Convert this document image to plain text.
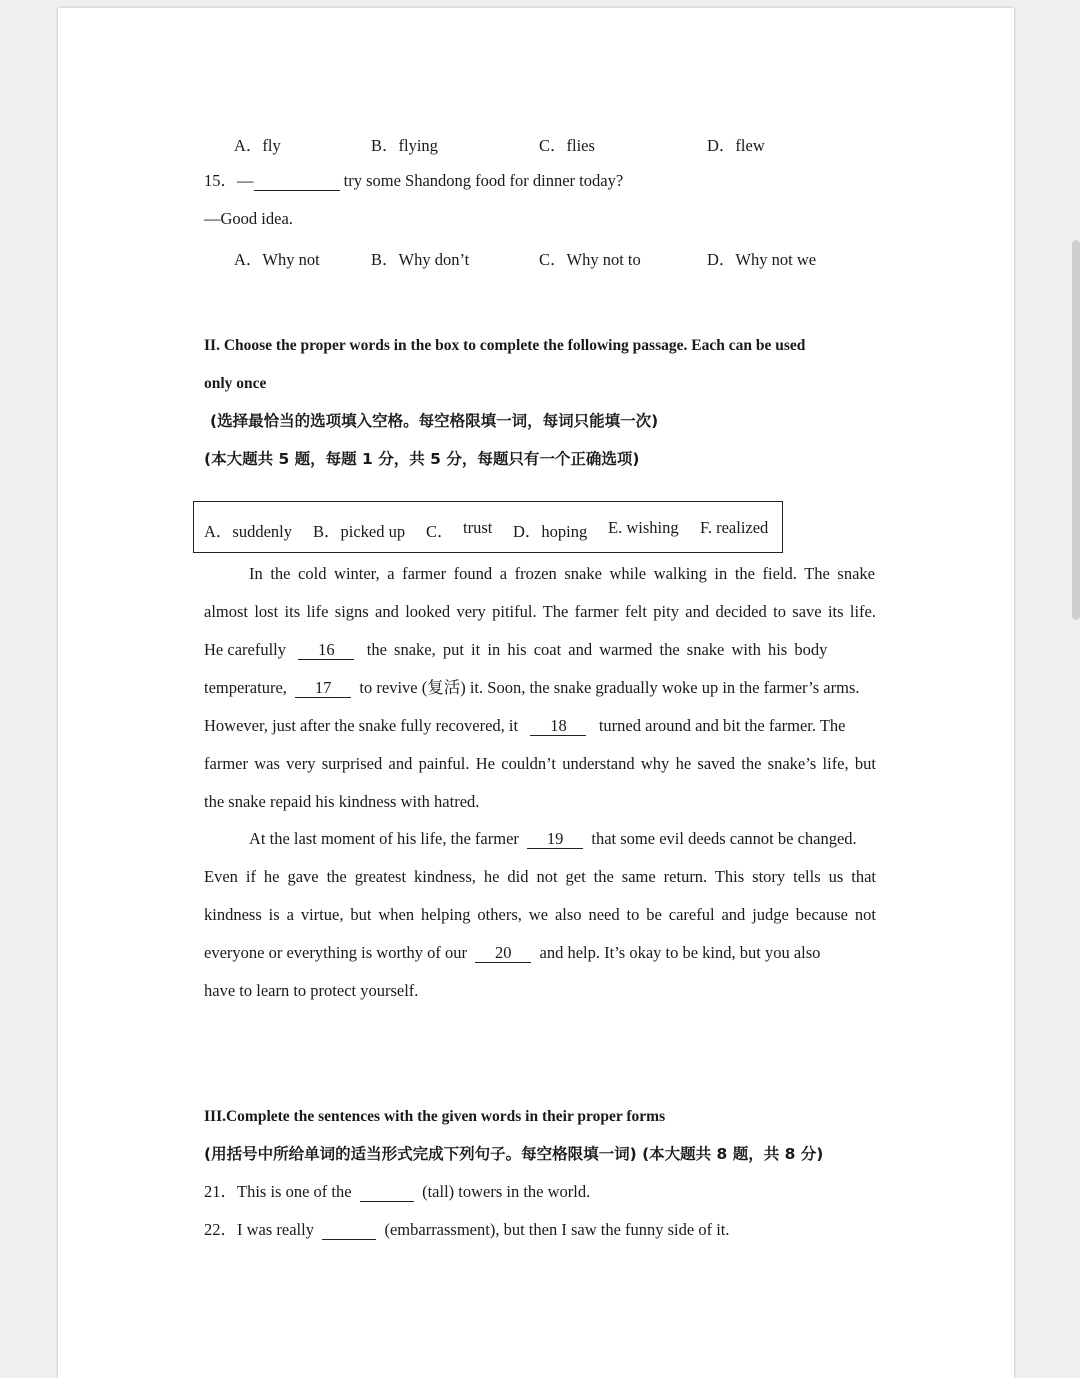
A．fly	B．flying	C．flies	D．flew
15．—	try some Shandong food for dinner today?
—Good idea.
A．Why not	B．Why don’t	C．Why not to	D．Why not we
II. Choose the proper words in the box to complete the following passage. Each can be used
only once
(选择最恰当的选项填入空格。每空格限填一词，每词只能填一次)
(本大题共 5 题，每题 1 分，共 5 分，每题只有一个正确选项)
A．suddenly B．picked up C． trust D．hoping E. wishing F. realized
In the cold winter, a farmer found a frozen snake while walking in the field. The snake
almost lost its life signs and looked very pitiful. The farmer felt pity and decided to save its life.
He carefully 16 the snake, put it in his coat and warmed the snake with his body
temperature, 17 to revive (复活) it. Soon, the snake gradually woke up in the farmer’s arms.
However, just after the snake fully recovered, it 18 turned around and bit the farmer. The
farmer was very surprised and painful. He couldn’t understand why he saved the snake’s life, but
the snake repaid his kindness with hatred.
At the last moment of his life, the farmer 19 that some evil deeds cannot be changed.
Even if he gave the greatest kindness, he did not get the same return. This story tells us that
kindness is a virtue, but when helping others, we also need to be careful and judge because not
everyone or everything is worthy of our 20 and help. It’s okay to be kind, but you also
have to learn to protect yourself.
III.Complete the sentences with the given words in their proper forms
(用括号中所给单词的适当形式完成下列句子。每空格限填一词) (本大题共 8 题，共 8 分)
21．This is one of the	(tall) towers in the world.
22．I was really	(embarrassment), but then I saw the funny side of it.
